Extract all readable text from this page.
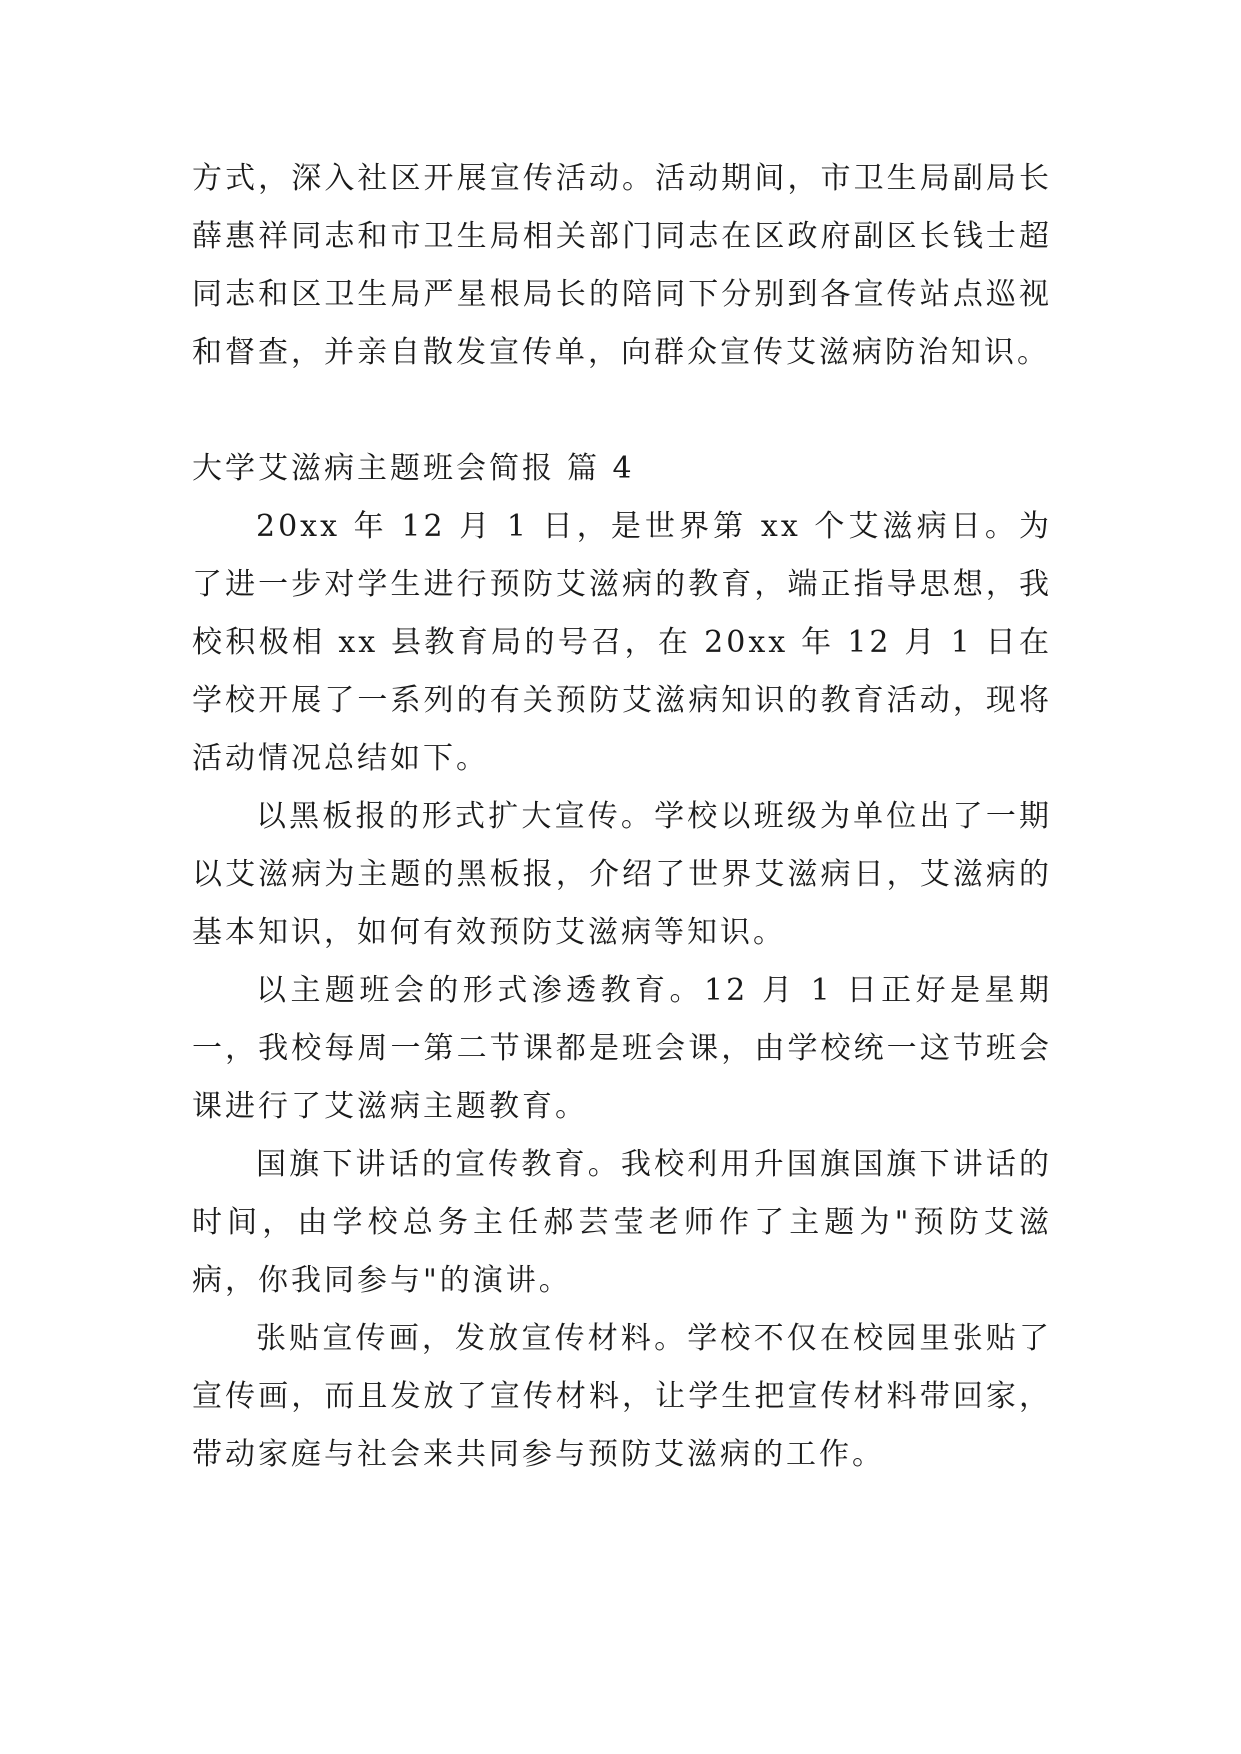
方式，深入社区开展宣传活动。活动期间，市卫生局副局长薛惠祥同志和市卫生局相关部门同志在区政府副区长钱士超同志和区卫生局严星根局长的陪同下分别到各宣传站点巡视和督查，并亲自散发宣传单，向群众宣传艾滋病防治知识。

大学艾滋病主题班会简报 篇 4

20xx 年 12 月 1 日，是世界第 xx 个艾滋病日。为了进一步对学生进行预防艾滋病的教育，端正指导思想，我校积极相 xx 县教育局的号召，在 20xx 年 12 月 1 日在学校开展了一系列的有关预防艾滋病知识的教育活动，现将活动情况总结如下。

以黑板报的形式扩大宣传。学校以班级为单位出了一期以艾滋病为主题的黑板报，介绍了世界艾滋病日，艾滋病的基本知识，如何有效预防艾滋病等知识。

以主题班会的形式渗透教育。12 月 1 日正好是星期一，我校每周一第二节课都是班会课，由学校统一这节班会课进行了艾滋病主题教育。

国旗下讲话的宣传教育。我校利用升国旗国旗下讲话的时间，由学校总务主任郝芸莹老师作了主题为"预防艾滋病，你我同参与"的演讲。

张贴宣传画，发放宣传材料。学校不仅在校园里张贴了宣传画，而且发放了宣传材料，让学生把宣传材料带回家，带动家庭与社会来共同参与预防艾滋病的工作。
